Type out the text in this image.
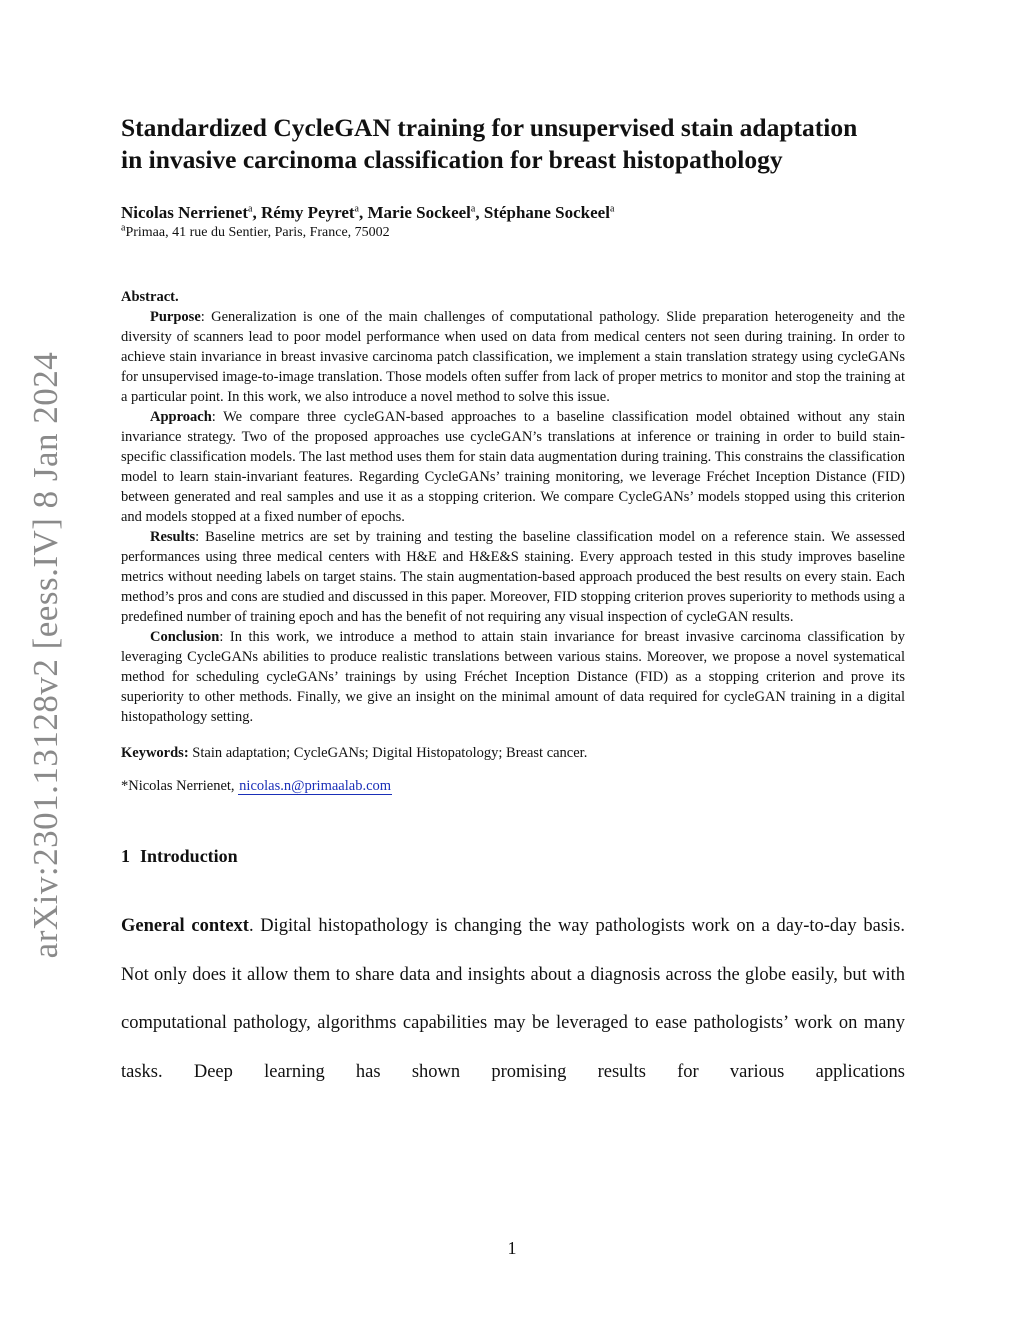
arXiv:2301.13128v2 [eess.IV] 8 Jan 2024
Standardized CycleGAN training for unsupervised stain adaptation
in invasive carcinoma classification for breast histopathology
Nicolas Nerrienet$^a$, Rémy Peyret$^a$, Marie Sockeel$^a$, Stéphane Sockeel$^a$
$^a$Primaa, 41 rue du Sentier, Paris, France, 75002
Abstract.

Purpose: Generalization is one of the main challenges of computational pathology. Slide preparation heterogeneity and the diversity of scanners lead to poor model performance when used on data from medical centers not seen during training. In order to achieve stain invariance in breast invasive carcinoma patch classification, we implement a stain translation strategy using cycleGANs for unsupervised image-to-image translation. Those models often suffer from lack of proper metrics to monitor and stop the training at a particular point. In this work, we also introduce a novel method to solve this issue.

Approach: We compare three cycleGAN-based approaches to a baseline classification model obtained without any stain invariance strategy. Two of the proposed approaches use cycleGAN’s translations at inference or training in order to build stain-specific classification models. The last method uses them for stain data augmentation during training. This constrains the classification model to learn stain-invariant features. Regarding CycleGANs’ training monitoring, we leverage Fréchet Inception Distance (FID) between generated and real samples and use it as a stopping criterion. We compare CycleGANs’ models stopped using this criterion and models stopped at a fixed number of epochs.

Results: Baseline metrics are set by training and testing the baseline classification model on a reference stain. We assessed performances using three medical centers with H&E and H&E&S staining. Every approach tested in this study improves baseline metrics without needing labels on target stains. The stain augmentation-based approach produced the best results on every stain. Each method’s pros and cons are studied and discussed in this paper. Moreover, FID stopping criterion proves superiority to methods using a predefined number of training epoch and has the benefit of not requiring any visual inspection of cycleGAN results.

Conclusion: In this work, we introduce a method to attain stain invariance for breast invasive carcinoma classification by leveraging CycleGANs abilities to produce realistic translations between various stains. Moreover, we propose a novel systematical method for scheduling cycleGANs’ trainings by using Fréchet Inception Distance (FID) as a stopping criterion and prove its superiority to other methods. Finally, we give an insight on the minimal amount of data required for cycleGAN training in a digital histopathology setting.

Keywords: Stain adaptation; CycleGANs; Digital Histopatology; Breast cancer.
*Nicolas Nerrienet, nicolas.n@primaalab.com
1 Introduction
General context. Digital histopathology is changing the way pathologists work on a day-to-day basis. Not only does it allow them to share data and insights about a diagnosis across the globe easily, but with computational pathology, algorithms capabilities may be leveraged to ease pathologists’ work on many tasks. Deep learning has shown promising results for various applications
1
